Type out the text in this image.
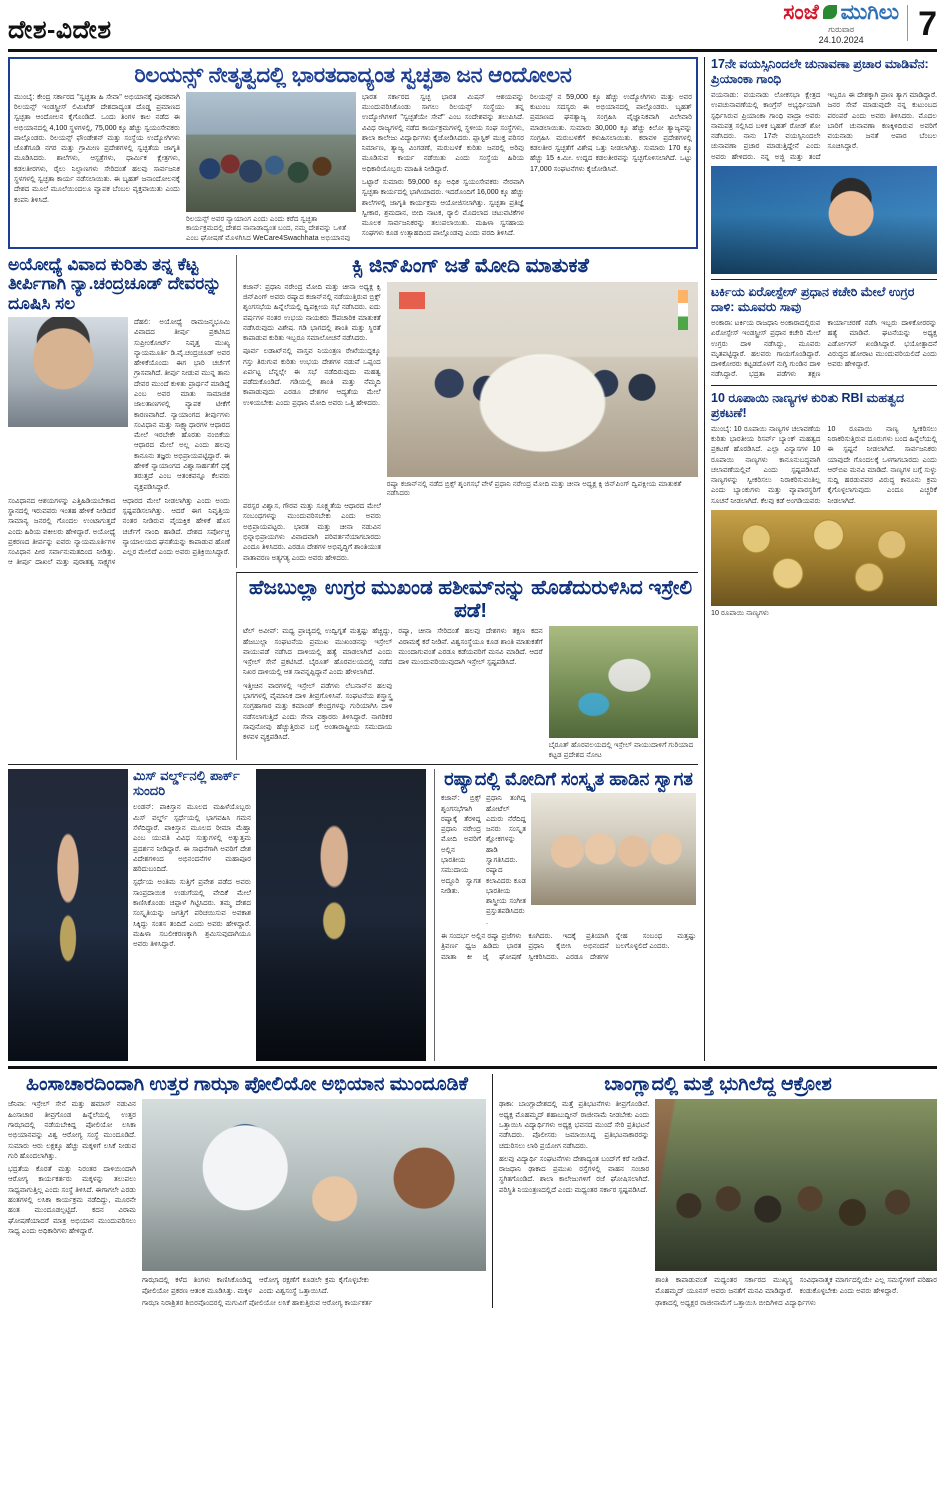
ದೇಶ-ವಿದೇಶ
ಸಂಜೆ ಮುಗಿಲು
ಗುರುವಾರ
24.10.2024	7
ರಿಲಯನ್ಸ್ ನೇತೃತ್ವದಲ್ಲಿ ಭಾರತದಾದ್ಯಂತ ಸ್ವಚ್ಛತಾ ಜನ ಆಂದೋಲನ
ಮುಂಬೈ: ಕೇಂದ್ರ ಸರ್ಕಾರದ "ಸ್ವಚ್ಛತಾ ಹಿ ಸೇವಾ" ಅಭಿಯಾನಕ್ಕೆ ಪೂರಕವಾಗಿ ರಿಲಯನ್ಸ್ ಇಂಡಸ್ಟ್ರೀಸ್ ಲಿಮಿಟೆಡ್ ದೇಶದಾದ್ಯಂತ ದೊಡ್ಡ ಪ್ರಮಾಣದ ಸ್ವಚ್ಛತಾ ಆಂದೋಲನ ಕೈಗೊಂಡಿದೆ. ಒಂದು ತಿಂಗಳ ಕಾಲ ನಡೆದ ಈ ಅಭಿಯಾನದಲ್ಲಿ 4,100 ಸ್ಥಳಗಳಲ್ಲಿ, 75,000 ಕ್ಕೂ ಹೆಚ್ಚು ಸ್ವಯಂಸೇವಕರು ಪಾಲ್ಗೊಂಡರು. ರಿಲಯನ್ಸ್ ಫೌಂಡೇಶನ್ ಮತ್ತು ಸಂಸ್ಥೆಯ ಉದ್ಯೋಗಿಗಳು ಜೊತೆಗೂಡಿ ನಗರ ಮತ್ತು ಗ್ರಾಮೀಣ ಪ್ರದೇಶಗಳಲ್ಲಿ ಸ್ವಚ್ಛತೆಯ ಜಾಗೃತಿ ಮೂಡಿಸಿದರು. ಶಾಲೆಗಳು, ಆಸ್ಪತ್ರೆಗಳು, ಧಾರ್ಮಿಕ ಕ್ಷೇತ್ರಗಳು, ಕಡಲತೀರಗಳು, ರೈಲು ನಿಲ್ದಾಣಗಳು ಸೇರಿದಂತೆ ಹಲವು ಸಾರ್ವಜನಿಕ ಸ್ಥಳಗಳಲ್ಲಿ ಸ್ವಚ್ಛತಾ ಕಾರ್ಯ ನಡೆಸಲಾಯಿತು. ಈ ಬೃಹತ್ ಜನಾಂದೋಲನಕ್ಕೆ ದೇಶದ ಮೂಲೆ ಮೂಲೆಯಿಂದಲೂ ವ್ಯಾಪಕ ಬೆಂಬಲ ವ್ಯಕ್ತವಾಯಿತು ಎಂದು ಕಂಪನಿ ತಿಳಿಸಿದೆ.
ರಿಲಯನ್ಸ್ ಅವರ ನ್ಯಾಯಾಂಗ ಎಂದು ಎಂದು ಕರೆದ ಸ್ವಚ್ಛತಾ ಕಾರ್ಯಕ್ರಮದಲ್ಲಿ ದೇಶದ ನಾನಾಡಾದ್ಯಂತ ಬಂದ, ನಮ್ಮ ದೇಶವನ್ನು ಒಳಿತೆ ಎಂಬ ಘೋಷಣೆ ಮೊಳಗಿಸಿದ WeCare4Swachhata ಅಭಿಯಾನವು
ಭಾರತ ಸರ್ಕಾರದ ಸ್ವಚ್ಛ ಭಾರತ ಮಿಷನ್ ಆಶಯವನ್ನು ಮುಂದುವರಿಸಿಕೊಂಡು ಸಾಗಲು ರಿಲಯನ್ಸ್ ಸಂಸ್ಥೆಯು ತನ್ನ ಉದ್ಯೋಗಿಗಳಿಗೆ "ಸ್ವಚ್ಛತೆಯೇ ಸೇವೆ" ಎಂಬ ಸಂದೇಶವನ್ನು ತಲುಪಿಸಿದೆ. ವಿವಿಧ ರಾಜ್ಯಗಳಲ್ಲಿ ನಡೆದ ಕಾರ್ಯಕ್ರಮಗಳಲ್ಲಿ ಸ್ಥಳೀಯ ಸಂಘ ಸಂಸ್ಥೆಗಳು, ಶಾಲಾ ಕಾಲೇಜು ವಿದ್ಯಾರ್ಥಿಗಳು ಕೈಜೋಡಿಸಿದರು. ಪ್ಲಾಸ್ಟಿಕ್ ಮುಕ್ತ ಪರಿಸರ ನಿರ್ಮಾಣ, ತ್ಯಾಜ್ಯ ವಿಂಗಡಣೆ, ಮರುಬಳಕೆ ಕುರಿತು ಜನರಲ್ಲಿ ಅರಿವು ಮೂಡಿಸುವ ಕಾರ್ಯ ನಡೆಯಿತು ಎಂದು ಸಂಸ್ಥೆಯ ಹಿರಿಯ ಅಧಿಕಾರಿಯೊಬ್ಬರು ಮಾಹಿತಿ ನೀಡಿದ್ದಾರೆ.
ಒಟ್ಟಾರೆ ಸುಮಾರು 59,000 ಕ್ಕೂ ಅಧಿಕ ಸ್ವಯಂಸೇವಕರು ನೇರವಾಗಿ ಸ್ವಚ್ಛತಾ ಕಾರ್ಯದಲ್ಲಿ ಭಾಗಿಯಾದರು. ಇದರೊಂದಿಗೆ 16,000 ಕ್ಕೂ ಹೆಚ್ಚು ಶಾಲೆಗಳಲ್ಲಿ ಜಾಗೃತಿ ಕಾರ್ಯಕ್ರಮ ಆಯೋಜಿಸಲಾಗಿತ್ತು. ಸ್ವಚ್ಛತಾ ಪ್ರತಿಜ್ಞೆ ಸ್ವೀಕಾರ, ಶ್ರಮದಾನ, ಬೀದಿ ನಾಟಕ, ರ‍್ಯಾಲಿ ಮೊದಲಾದ ಚಟುವಟಿಕೆಗಳ ಮೂಲಕ ಸಾರ್ವಜನಿಕರನ್ನು ತಲುಪಲಾಯಿತು. ಮಹಿಳಾ ಸ್ವಸಹಾಯ ಸಂಘಗಳು ಕೂಡ ಉತ್ಸಾಹದಿಂದ ಪಾಲ್ಗೊಂಡವು ಎಂದು ವರದಿ ತಿಳಿಸಿದೆ.
ರಿಲಯನ್ಸ್ ನ 59,000 ಕ್ಕೂ ಹೆಚ್ಚು ಉದ್ಯೋಗಿಗಳು ಮತ್ತು ಅವರ ಕುಟುಂಬ ಸದಸ್ಯರು ಈ ಅಭಿಯಾನದಲ್ಲಿ ಪಾಲ್ಗೊಂಡರು. ಬೃಹತ್ ಪ್ರಮಾಣದ ಘನತ್ಯಾಜ್ಯ ಸಂಗ್ರಹಿಸಿ ವೈಜ್ಞಾನಿಕವಾಗಿ ವಿಲೇವಾರಿ ಮಾಡಲಾಯಿತು. ಸುಮಾರು 30,000 ಕ್ಕೂ ಹೆಚ್ಚು ಕಿಲೋ ತ್ಯಾಜ್ಯವನ್ನು ಸಂಗ್ರಹಿಸಿ ಮರುಬಳಕೆಗೆ ಕಳುಹಿಸಲಾಯಿತು. ಕರಾವಳಿ ಪ್ರದೇಶಗಳಲ್ಲಿ ಕಡಲತೀರ ಸ್ವಚ್ಛತೆಗೆ ವಿಶೇಷ ಒತ್ತು ನೀಡಲಾಗಿತ್ತು. ಸುಮಾರು 170 ಕ್ಕೂ ಹೆಚ್ಚು 15 ಕಿ.ಮೀ. ಉದ್ದದ ಕಡಲತೀರವನ್ನು ಸ್ವಚ್ಛಗೊಳಿಸಲಾಗಿದೆ. ಒಟ್ಟು 17,000 ಸಂಘಟನೆಗಳು ಕೈಜೋಡಿಸಿವೆ.
ಅಯೋಧ್ಯೆ ವಿವಾದ ಕುರಿತು ತನ್ನ ಕೆಟ್ಟ ತೀರ್ಪಿಗಾಗಿ ನ್ಯಾ.ಚಂದ್ರಚೂಡ್ ದೇವರನ್ನು ದೂಷಿಸಿ ಸಲ
ದೆಹಲಿ: ಅಯೋಧ್ಯೆ ರಾಮಜನ್ಮಭೂಮಿ ವಿವಾದದ ತೀರ್ಪು ಪ್ರಕಟಿಸಿದ ಸುಪ್ರೀಂಕೋರ್ಟ್ ನಿವೃತ್ತ ಮುಖ್ಯ ನ್ಯಾಯಮೂರ್ತಿ ಡಿ.ವೈ.ಚಂದ್ರಚೂಡ್ ಅವರ ಹೇಳಿಕೆಯೊಂದು ಈಗ ಭಾರಿ ಚರ್ಚೆಗೆ ಗ್ರಾಸವಾಗಿದೆ. ತೀರ್ಪು ನೀಡುವ ಮುನ್ನ ತಾನು ದೇವರ ಮುಂದೆ ಕುಳಿತು ಪ್ರಾರ್ಥನೆ ಮಾಡಿದ್ದೆ ಎಂಬ ಅವರ ಮಾತು ಸಾಮಾಜಿಕ ಜಾಲತಾಣಗಳಲ್ಲಿ ವ್ಯಾಪಕ ಟೀಕೆಗೆ ಕಾರಣವಾಗಿದೆ. ನ್ಯಾಯಾಂಗದ ತೀರ್ಪುಗಳು ಸಂವಿಧಾನ ಮತ್ತು ಸಾಕ್ಷ್ಯಾಧಾರಗಳ ಆಧಾರದ ಮೇಲೆ ಇರಬೇಕೇ ಹೊರತು ನಂಬಿಕೆಯ ಆಧಾರದ ಮೇಲೆ ಅಲ್ಲ ಎಂದು ಹಲವು ಕಾನೂನು ತಜ್ಞರು ಅಭಿಪ್ರಾಯಪಟ್ಟಿದ್ದಾರೆ. ಈ ಹೇಳಿಕೆ ನ್ಯಾಯಾಂಗದ ವಿಶ್ವಾಸಾರ್ಹತೆಗೆ ಧಕ್ಕೆ ತರುತ್ತದೆ ಎಂಬ ಆತಂಕವನ್ನೂ ಕೆಲವರು ವ್ಯಕ್ತಪಡಿಸಿದ್ದಾರೆ.
ಸಂವಿಧಾನದ ಆಶಯಗಳನ್ನು ಎತ್ತಿಹಿಡಿಯಬೇಕಾದ ಸ್ಥಾನದಲ್ಲಿ ಇರುವವರು ಇಂತಹ ಹೇಳಿಕೆ ನೀಡಿದರೆ ಸಾಮಾನ್ಯ ಜನರಲ್ಲಿ ಗೊಂದಲ ಉಂಟಾಗುತ್ತದೆ ಎಂದು ಹಿರಿಯ ವಕೀಲರು ಹೇಳಿದ್ದಾರೆ. ಅಯೋಧ್ಯೆ ಪ್ರಕರಣದ ತೀರ್ಪನ್ನು ಐವರು ನ್ಯಾಯಮೂರ್ತಿಗಳ ಸಂವಿಧಾನ ಪೀಠ ಸರ್ವಾನುಮತದಿಂದ ನೀಡಿತ್ತು. ಆ ತೀರ್ಪು ದಾಖಲೆ ಮತ್ತು ಪುರಾತತ್ವ ಸಾಕ್ಷ್ಯಗಳ ಆಧಾರದ ಮೇಲೆ ನೀಡಲಾಗಿತ್ತು ಎಂದು ಅಂದು ಸ್ಪಷ್ಟಪಡಿಸಲಾಗಿತ್ತು. ಆದರೆ ಈಗ ನಿವೃತ್ತಿಯ ನಂತರ ನೀಡಿರುವ ವೈಯಕ್ತಿಕ ಹೇಳಿಕೆ ಹೊಸ ಚರ್ಚೆಗೆ ನಾಂದಿ ಹಾಡಿದೆ. ದೇಶದ ಸರ್ವೋಚ್ಚ ನ್ಯಾಯಾಲಯದ ಘನತೆಯನ್ನು ಕಾಪಾಡುವ ಹೊಣೆ ಎಲ್ಲರ ಮೇಲಿದೆ ಎಂದು ಅವರು ಪ್ರತಿಕ್ರಿಯಿಸಿದ್ದಾರೆ.
ಕ್ಸಿ ಜಿನ್‌ಪಿಂಗ್ ಜತೆ ಮೋದಿ ಮಾತುಕತೆ
ಕಜಾನ್: ಪ್ರಧಾನಿ ನರೇಂದ್ರ ಮೋದಿ ಮತ್ತು ಚೀನಾ ಅಧ್ಯಕ್ಷ ಕ್ಸಿ ಜಿನ್‌ಪಿಂಗ್ ಅವರು ರಷ್ಯಾದ ಕಜಾನ್‌ನಲ್ಲಿ ನಡೆಯುತ್ತಿರುವ ಬ್ರಿಕ್ಸ್ ಶೃಂಗಸಭೆಯ ಹಿನ್ನೆಲೆಯಲ್ಲಿ ದ್ವಿಪಕ್ಷೀಯ ಸಭೆ ನಡೆಸಿದರು. ಐದು ವರ್ಷಗಳ ನಂತರ ಉಭಯ ನಾಯಕರು ಔಪಚಾರಿಕ ಮಾತುಕತೆ ನಡೆಸಿರುವುದು ವಿಶೇಷ. ಗಡಿ ಭಾಗದಲ್ಲಿ ಶಾಂತಿ ಮತ್ತು ಸ್ಥಿರತೆ ಕಾಪಾಡುವ ಕುರಿತು ಇಬ್ಬರೂ ಸಮಾಲೋಚನೆ ನಡೆಸಿದರು.
ಪೂರ್ವ ಲಡಾಖ್‌ನಲ್ಲಿ ವಾಸ್ತವ ನಿಯಂತ್ರಣ ರೇಖೆಯುದ್ದಕ್ಕೂ ಗಸ್ತು ತಿರುಗುವ ಕುರಿತು ಉಭಯ ದೇಶಗಳ ನಡುವೆ ಒಪ್ಪಂದ ಏರ್ಪಟ್ಟ ಬೆನ್ನಲ್ಲೇ ಈ ಸಭೆ ನಡೆದಿರುವುದು ಮಹತ್ವ ಪಡೆದುಕೊಂಡಿದೆ. ಗಡಿಯಲ್ಲಿ ಶಾಂತಿ ಮತ್ತು ನೆಮ್ಮದಿ ಕಾಪಾಡುವುದು ಎರಡೂ ದೇಶಗಳ ಆದ್ಯತೆಯ ಮೇಲೆ ಉಳಿಯಬೇಕು ಎಂದು ಪ್ರಧಾನಿ ಮೋದಿ ಅವರು ಒತ್ತಿ ಹೇಳಿದರು.
ರಷ್ಯಾ ಕಜಾನ್‌ನಲ್ಲಿ ನಡೆದ ಬ್ರಿಕ್ಸ್ ಶೃಂಗಸಭೆ ವೇಳೆ ಪ್ರಧಾನಿ ನರೇಂದ್ರ ಮೋದಿ ಮತ್ತು ಚೀನಾ ಅಧ್ಯಕ್ಷ ಕ್ಸಿ ಜಿನ್‌ಪಿಂಗ್ ದ್ವಿಪಕ್ಷೀಯ ಮಾತುಕತೆ ನಡೆಸಿದರು
ಪರಸ್ಪರ ವಿಶ್ವಾಸ, ಗೌರವ ಮತ್ತು ಸೂಕ್ಷ್ಮತೆಯ ಆಧಾರದ ಮೇಲೆ ಸಂಬಂಧಗಳನ್ನು ಮುಂದುವರಿಸಬೇಕು ಎಂದು ಅವರು ಅಭಿಪ್ರಾಯಪಟ್ಟರು. ಭಾರತ ಮತ್ತು ಚೀನಾ ನಡುವಿನ ಭಿನ್ನಾಭಿಪ್ರಾಯಗಳು ವಿವಾದವಾಗಿ ಪರಿವರ್ತನೆಯಾಗಬಾರದು ಎಂದೂ ತಿಳಿಸಿದರು. ಎರಡೂ ದೇಶಗಳ ಅಭಿವೃದ್ಧಿಗೆ ಶಾಂತಿಯುತ ವಾತಾವರಣ ಅತ್ಯಗತ್ಯ ಎಂದು ಅವರು ಹೇಳಿದರು.
ಹೆಜಬುಲ್ಲಾ ಉಗ್ರರ ಮುಖಂಡ ಹಶೀಮ್‌ನನ್ನು ಹೊಡೆದುರುಳಿಸಿದ ಇಸ್ರೇಲಿ ಪಡೆ!
ಟೆಲ್ ಅವೀವ್: ಮಧ್ಯ ಪ್ರಾಚ್ಯದಲ್ಲಿ ಉದ್ವಿಗ್ನತೆ ಮತ್ತಷ್ಟು ಹೆಚ್ಚಿದ್ದು, ಹೆಜಬುಲ್ಲಾ ಸಂಘಟನೆಯ ಪ್ರಮುಖ ಮುಖಂಡನನ್ನು ಇಸ್ರೇಲ್ ವಾಯುಪಡೆ ನಡೆಸಿದ ದಾಳಿಯಲ್ಲಿ ಹತ್ಯೆ ಮಾಡಲಾಗಿದೆ ಎಂದು ಇಸ್ರೇಲ್ ಸೇನೆ ಪ್ರಕಟಿಸಿದೆ. ಬೈರೂತ್ ಹೊರವಲಯದಲ್ಲಿ ನಡೆದ ನಿಖರ ದಾಳಿಯಲ್ಲಿ ಆತ ಸಾವನ್ನಪ್ಪಿದ್ದಾನೆ ಎಂದು ಹೇಳಲಾಗಿದೆ.
ಇತ್ತೀಚಿನ ವಾರಗಳಲ್ಲಿ ಇಸ್ರೇಲ್ ಪಡೆಗಳು ಲೆಬನಾನ್‌ನ ಹಲವು ಭಾಗಗಳಲ್ಲಿ ವೈಮಾನಿಕ ದಾಳಿ ತೀವ್ರಗೊಳಿಸಿವೆ. ಸಂಘಟನೆಯ ಶಸ್ತ್ರಾಸ್ತ್ರ ಸಂಗ್ರಹಾಗಾರ ಮತ್ತು ಕಮಾಂಡ್ ಕೇಂದ್ರಗಳನ್ನು ಗುರಿಯಾಗಿಸಿ ದಾಳಿ ನಡೆಸಲಾಗುತ್ತಿದೆ ಎಂದು ಸೇನಾ ವಕ್ತಾರರು ತಿಳಿಸಿದ್ದಾರೆ. ನಾಗರಿಕರ ಸಾವುನೋವು ಹೆಚ್ಚುತ್ತಿರುವ ಬಗ್ಗೆ ಅಂತಾರಾಷ್ಟ್ರೀಯ ಸಮುದಾಯ ಕಳವಳ ವ್ಯಕ್ತಪಡಿಸಿದೆ.
ರಷ್ಯಾ, ಚೀನಾ ಸೇರಿದಂತೆ ಹಲವು ದೇಶಗಳು ತಕ್ಷಣ ಕದನ ವಿರಾಮಕ್ಕೆ ಕರೆ ನೀಡಿವೆ. ವಿಶ್ವಸಂಸ್ಥೆಯೂ ಕೂಡ ಶಾಂತಿ ಮಾತುಕತೆಗೆ ಮುಂದಾಗುವಂತೆ ಎರಡೂ ಕಡೆಯವರಿಗೆ ಮನವಿ ಮಾಡಿದೆ. ಆದರೆ ದಾಳಿ ಮುಂದುವರಿಯುವುದಾಗಿ ಇಸ್ರೇಲ್ ಸ್ಪಷ್ಟಪಡಿಸಿದೆ.
ಬೈರೂತ್ ಹೊರವಲಯದಲ್ಲಿ ಇಸ್ರೇಲ್ ವಾಯುದಾಳಿಗೆ ಗುರಿಯಾದ ಕಟ್ಟಡ ಪ್ರದೇಶದ ನೋಟ
ಮಿಸ್ ವರ್ಲ್ಡ್‌ನಲ್ಲಿ ಪಾರ್ಕ್ ಸುಂದರಿ
ಲಂಡನ್: ಪಾಕಿಸ್ತಾನ ಮೂಲದ ಮಹಿಳೆಯೊಬ್ಬರು ಮಿಸ್ ವರ್ಲ್ಡ್ ಸ್ಪರ್ಧೆಯಲ್ಲಿ ಭಾಗವಹಿಸಿ ಗಮನ ಸೆಳೆದಿದ್ದಾರೆ. ಪಾಕಿಸ್ತಾನ ಮೂಲದ ರೀಮಾ ಮೆಹ್ತಾ ಎಂಬ ಯುವತಿ ವಿವಿಧ ಸುತ್ತುಗಳಲ್ಲಿ ಅತ್ಯುತ್ತಮ ಪ್ರದರ್ಶನ ನೀಡಿದ್ದಾರೆ. ಈ ಸಾಧನೆಗಾಗಿ ಅವರಿಗೆ ದೇಶ ವಿದೇಶಗಳಿಂದ ಅಭಿನಂದನೆಗಳ ಮಹಾಪೂರ ಹರಿದುಬಂದಿದೆ.
ಸ್ಪರ್ಧೆಯ ಅಂತಿಮ ಸುತ್ತಿಗೆ ಪ್ರವೇಶ ಪಡೆದ ಅವರು ಸಾಂಪ್ರದಾಯಿಕ ಉಡುಗೆಯಲ್ಲಿ ವೇದಿಕೆ ಮೇಲೆ ಕಾಣಿಸಿಕೊಂಡು ಚಪ್ಪಾಳೆ ಗಿಟ್ಟಿಸಿದರು. ತಮ್ಮ ದೇಶದ ಸಂಸ್ಕೃತಿಯನ್ನು ಜಗತ್ತಿಗೆ ಪರಿಚಯಿಸುವ ಅವಕಾಶ ಸಿಕ್ಕಿದ್ದು ಸಂತಸ ತಂದಿದೆ ಎಂದು ಅವರು ಹೇಳಿದ್ದಾರೆ. ಮಹಿಳಾ ಸಬಲೀಕರಣಕ್ಕಾಗಿ ಶ್ರಮಿಸುವುದಾಗಿಯೂ ಅವರು ತಿಳಿಸಿದ್ದಾರೆ.
ರಷ್ಯಾದಲ್ಲಿ ಮೋದಿಗೆ ಸಂಸ್ಕೃತ ಹಾಡಿನ ಸ್ವಾಗತ
ಕಜಾನ್: ಬ್ರಿಕ್ಸ್ ಶೃಂಗಸಭೆಗಾಗಿ ರಷ್ಯಾಕ್ಕೆ ತೆರಳಿದ್ದ ಪ್ರಧಾನಿ ನರೇಂದ್ರ ಮೋದಿ ಅವರಿಗೆ ಅಲ್ಲಿನ ಭಾರತೀಯ ಸಮುದಾಯ ಅದ್ದೂರಿ ಸ್ವಾಗತ ನೀಡಿತು.
ಪ್ರಧಾನಿ ತಂಗಿದ್ದ ಹೋಟೆಲ್ ಎದುರು ನೆರೆದಿದ್ದ ಜನರು ಸಂಸ್ಕೃತ ಶ್ಲೋಕಗಳನ್ನು ಹಾಡಿ ಸ್ವಾಗತಿಸಿದರು. ರಷ್ಯಾದ ಕಲಾವಿದರು ಕೂಡ ಭಾರತೀಯ ಶಾಸ್ತ್ರೀಯ ಸಂಗೀತ ಪ್ರಸ್ತುತಪಡಿಸಿದರು.
ಈ ಸಂದರ್ಭ ಅಲ್ಲಿನ ರಷ್ಯಾ ಪ್ರಜೆಗಳು ತ್ರಿವರ್ಣ ಧ್ವಜ ಹಿಡಿದು ಭಾರತ ಮಾತಾ ಕೀ ಜೈ ಘೋಷಣೆ ಕೂಗಿದರು. ಇದಕ್ಕೆ ಪ್ರತಿಯಾಗಿ ಪ್ರಧಾನಿ ಕೈಬೀಸಿ ಅಭಿನಂದನೆ ಸ್ವೀಕರಿಸಿದರು. ಎರಡೂ ದೇಶಗಳ ಸ್ನೇಹ ಸಂಬಂಧ ಮತ್ತಷ್ಟು ಬಲಗೊಳ್ಳಲಿದೆ ಎಂದರು.
17ನೇ ವಯಸ್ಸಿನಿಂದಲೇ ಚುನಾವಣಾ ಪ್ರಚಾರ ಮಾಡಿವೆನ: ಪ್ರಿಯಾಂಕಾ ಗಾಂಧಿ
ವಯನಾಡು: ವಯನಾಡು ಲೋಕಸಭಾ ಕ್ಷೇತ್ರದ ಉಪಚುನಾವಣೆಯಲ್ಲಿ ಕಾಂಗ್ರೆಸ್ ಅಭ್ಯರ್ಥಿಯಾಗಿ ಸ್ಪರ್ಧಿಸಿರುವ ಪ್ರಿಯಾಂಕಾ ಗಾಂಧಿ ವಾದ್ರಾ ಅವರು ನಾಮಪತ್ರ ಸಲ್ಲಿಸಿದ ಬಳಿಕ ಬೃಹತ್ ರೋಡ್ ಶೋ ನಡೆಸಿದರು. ನಾನು 17ನೇ ವಯಸ್ಸಿನಿಂದಲೇ ಚುನಾವಣಾ ಪ್ರಚಾರ ಮಾಡುತ್ತಿದ್ದೇನೆ ಎಂದು ಅವರು ಹೇಳಿದರು. ನನ್ನ ಅಜ್ಜಿ ಮತ್ತು ತಂದೆ ಇಬ್ಬರೂ ಈ ದೇಶಕ್ಕಾಗಿ ಪ್ರಾಣ ತ್ಯಾಗ ಮಾಡಿದ್ದಾರೆ. ಜನರ ಸೇವೆ ಮಾಡುವುದೇ ನನ್ನ ಕುಟುಂಬದ ಪರಂಪರೆ ಎಂದು ಅವರು ತಿಳಿಸಿದರು. ಮೊದಲ ಬಾರಿಗೆ ಚುನಾವಣಾ ಕಣಕ್ಕಿಳಿದಿರುವ ಅವರಿಗೆ ವಯನಾಡು ಜನತೆ ಅಪಾರ ಬೆಂಬಲ ಸೂಚಿಸಿದ್ದಾರೆ.
ಟರ್ಕಿಯ ಏರೋಸ್ಪೇಸ್ ಪ್ರಧಾನ ಕಚೇರಿ ಮೇಲೆ ಉಗ್ರರ ದಾಳಿ: ಮೂವರು ಸಾವು
ಅಂಕಾರಾ: ಟರ್ಕಿಯ ರಾಜಧಾನಿ ಅಂಕಾರಾದಲ್ಲಿರುವ ಏರೋಸ್ಪೇಸ್ ಇಂಡಸ್ಟ್ರೀಸ್ ಪ್ರಧಾನ ಕಚೇರಿ ಮೇಲೆ ಉಗ್ರರು ದಾಳಿ ನಡೆಸಿದ್ದು, ಮೂವರು ಮೃತಪಟ್ಟಿದ್ದಾರೆ. ಹಲವರು ಗಾಯಗೊಂಡಿದ್ದಾರೆ. ದಾಳಿಕೋರರು ಕಟ್ಟಡದೊಳಗೆ ನುಗ್ಗಿ ಗುಂಡಿನ ದಾಳಿ ನಡೆಸಿದ್ದಾರೆ. ಭದ್ರತಾ ಪಡೆಗಳು ತಕ್ಷಣ ಕಾರ್ಯಾಚರಣೆ ನಡೆಸಿ ಇಬ್ಬರು ದಾಳಿಕೋರರನ್ನು ಹತ್ಯೆ ಮಾಡಿವೆ. ಘಟನೆಯನ್ನು ಅಧ್ಯಕ್ಷ ಎರ್ಡೋಗನ್ ಖಂಡಿಸಿದ್ದಾರೆ. ಭಯೋತ್ಪಾದನೆ ವಿರುದ್ಧದ ಹೋರಾಟ ಮುಂದುವರಿಯಲಿದೆ ಎಂದು ಅವರು ಹೇಳಿದ್ದಾರೆ.
10 ರೂಪಾಯಿ ನಾಣ್ಯಗಳ ಕುರಿತು RBI ಮಹತ್ವದ ಪ್ರಕಟಣೆ!
ಮುಂಬೈ: 10 ರೂಪಾಯಿ ನಾಣ್ಯಗಳ ಚಲಾವಣೆಯ ಕುರಿತು ಭಾರತೀಯ ರಿಸರ್ವ್ ಬ್ಯಾಂಕ್ ಮಹತ್ವದ ಪ್ರಕಟಣೆ ಹೊರಡಿಸಿದೆ. ಎಲ್ಲಾ ವಿನ್ಯಾಸಗಳ 10 ರೂಪಾಯಿ ನಾಣ್ಯಗಳು ಕಾನೂನುಬದ್ಧವಾಗಿ ಚಲಾವಣೆಯಲ್ಲಿವೆ ಎಂದು ಸ್ಪಷ್ಟಪಡಿಸಿದೆ. ನಾಣ್ಯಗಳನ್ನು ಸ್ವೀಕರಿಸಲು ನಿರಾಕರಿಸುವಂತಿಲ್ಲ ಎಂದು ಬ್ಯಾಂಕುಗಳು ಮತ್ತು ವ್ಯಾಪಾರಸ್ಥರಿಗೆ ಸೂಚನೆ ನೀಡಲಾಗಿದೆ. ಕೆಲವು ಕಡೆ ಅಂಗಡಿಯವರು 10 ರೂಪಾಯಿ ನಾಣ್ಯ ಸ್ವೀಕರಿಸಲು ನಿರಾಕರಿಸುತ್ತಿರುವ ದೂರುಗಳು ಬಂದ ಹಿನ್ನೆಲೆಯಲ್ಲಿ ಈ ಸ್ಪಷ್ಟನೆ ನೀಡಲಾಗಿದೆ. ಸಾರ್ವಜನಿಕರು ಯಾವುದೇ ಗೊಂದಲಕ್ಕೆ ಒಳಗಾಗಬಾರದು ಎಂದು ಆರ್‌ಬಿಐ ಮನವಿ ಮಾಡಿದೆ. ನಾಣ್ಯಗಳ ಬಗ್ಗೆ ಸುಳ್ಳು ಸುದ್ದಿ ಹರಡುವವರ ವಿರುದ್ಧ ಕಾನೂನು ಕ್ರಮ ಕೈಗೊಳ್ಳಲಾಗುವುದು ಎಂದೂ ಎಚ್ಚರಿಕೆ ನೀಡಲಾಗಿದೆ.
10 ರೂಪಾಯಿ ನಾಣ್ಯಗಳು
ಹಿಂಸಾಚಾರದಿಂದಾಗಿ ಉತ್ತರ ಗಾಝಾ ಪೋಲಿಯೋ ಅಭಿಯಾನ ಮುಂದೂಡಿಕೆ
ಜೆನಿವಾ: ಇಸ್ರೇಲ್ ಸೇನೆ ಮತ್ತು ಹಮಾಸ್ ನಡುವಿನ ಹಿಂಸಾಚಾರ ತೀವ್ರಗೊಂಡ ಹಿನ್ನೆಲೆಯಲ್ಲಿ ಉತ್ತರ ಗಾಝಾದಲ್ಲಿ ನಡೆಯಬೇಕಿದ್ದ ಪೋಲಿಯೋ ಲಸಿಕಾ ಅಭಿಯಾನವನ್ನು ವಿಶ್ವ ಆರೋಗ್ಯ ಸಂಸ್ಥೆ ಮುಂದೂಡಿದೆ. ಸುಮಾರು ಆರು ಲಕ್ಷಕ್ಕೂ ಹೆಚ್ಚು ಮಕ್ಕಳಿಗೆ ಲಸಿಕೆ ನೀಡುವ ಗುರಿ ಹೊಂದಲಾಗಿತ್ತು.
ಭದ್ರತೆಯ ಕೊರತೆ ಮತ್ತು ನಿರಂತರ ದಾಳಿಯಿಂದಾಗಿ ಆರೋಗ್ಯ ಕಾರ್ಯಕರ್ತರು ಮಕ್ಕಳನ್ನು ತಲುಪಲು ಸಾಧ್ಯವಾಗುತ್ತಿಲ್ಲ ಎಂದು ಸಂಸ್ಥೆ ತಿಳಿಸಿದೆ. ಈಗಾಗಲೇ ಎರಡು ಹಂತಗಳಲ್ಲಿ ಲಸಿಕಾ ಕಾರ್ಯಕ್ರಮ ನಡೆದಿದ್ದು, ಮೂರನೇ ಹಂತ ಮುಂದೂಡಲ್ಪಟ್ಟಿದೆ. ಕದನ ವಿರಾಮ ಘೋಷಣೆಯಾದರೆ ಮಾತ್ರ ಅಭಿಯಾನ ಮುಂದುವರಿಸಲು ಸಾಧ್ಯ ಎಂದು ಅಧಿಕಾರಿಗಳು ಹೇಳಿದ್ದಾರೆ.
ಗಾಝಾದಲ್ಲಿ ಕಳೆದ ತಿಂಗಳು ಕಾಣಿಸಿಕೊಂಡಿದ್ದ ಪೋಲಿಯೋ ಪ್ರಕರಣ ಆತಂಕ ಮೂಡಿಸಿತ್ತು. ಮಕ್ಕಳ ಆರೋಗ್ಯ ರಕ್ಷಣೆಗೆ ಕೂಡಲೇ ಕ್ರಮ ಕೈಗೊಳ್ಳಬೇಕು ಎಂದು ವಿಶ್ವಸಂಸ್ಥೆ ಒತ್ತಾಯಿಸಿದೆ.
ಗಾಝಾ ನಿರಾಶ್ರಿತರ ಶಿಬಿರವೊಂದರಲ್ಲಿ ಮಗುವಿಗೆ ಪೋಲಿಯೋ ಲಸಿಕೆ ಹಾಕುತ್ತಿರುವ ಆರೋಗ್ಯ ಕಾರ್ಯಕರ್ತ
ಬಾಂಗ್ಲಾದಲ್ಲಿ ಮತ್ತೆ ಭುಗಿಲೆದ್ದ ಆಕ್ರೋಶ
ಢಾಕಾ: ಬಾಂಗ್ಲಾದೇಶದಲ್ಲಿ ಮತ್ತೆ ಪ್ರತಿಭಟನೆಗಳು ತೀವ್ರಗೊಂಡಿವೆ. ಅಧ್ಯಕ್ಷ ಮೊಹಮ್ಮದ್ ಶಹಾಬುದ್ದೀನ್ ರಾಜೀನಾಮೆ ನೀಡಬೇಕು ಎಂದು ಒತ್ತಾಯಿಸಿ ವಿದ್ಯಾರ್ಥಿಗಳು ಅಧ್ಯಕ್ಷ ಭವನದ ಮುಂದೆ ಸೇರಿ ಪ್ರತಿಭಟನೆ ನಡೆಸಿದರು. ಪೊಲೀಸರು ಜಮಾಯಿಸಿದ್ದ ಪ್ರತಿಭಟನಾಕಾರರನ್ನು ಚದುರಿಸಲು ಲಾಠಿ ಪ್ರಯೋಗ ನಡೆಸಿದರು.
ಹಲವು ವಿದ್ಯಾರ್ಥಿ ಸಂಘಟನೆಗಳು ದೇಶಾದ್ಯಂತ ಬಂದ್‌ಗೆ ಕರೆ ನೀಡಿವೆ. ರಾಜಧಾನಿ ಢಾಕಾದ ಪ್ರಮುಖ ರಸ್ತೆಗಳಲ್ಲಿ ವಾಹನ ಸಂಚಾರ ಸ್ಥಗಿತಗೊಂಡಿದೆ. ಶಾಲಾ ಕಾಲೇಜುಗಳಿಗೆ ರಜೆ ಘೋಷಿಸಲಾಗಿದೆ. ಪರಿಸ್ಥಿತಿ ನಿಯಂತ್ರಣದಲ್ಲಿದೆ ಎಂದು ಮಧ್ಯಂತರ ಸರ್ಕಾರ ಸ್ಪಷ್ಟಪಡಿಸಿದೆ.
ಶಾಂತಿ ಕಾಪಾಡುವಂತೆ ಮಧ್ಯಂತರ ಸರ್ಕಾರದ ಮುಖ್ಯಸ್ಥ ಮೊಹಮ್ಮದ್ ಯೂನಸ್ ಅವರು ಜನತೆಗೆ ಮನವಿ ಮಾಡಿದ್ದಾರೆ. ಸಂವಿಧಾನಾತ್ಮಕ ಮಾರ್ಗದಲ್ಲಿಯೇ ಎಲ್ಲ ಸಮಸ್ಯೆಗಳಿಗೆ ಪರಿಹಾರ ಕಂಡುಕೊಳ್ಳಬೇಕು ಎಂದು ಅವರು ಹೇಳಿದ್ದಾರೆ.
ಢಾಕಾದಲ್ಲಿ ಅಧ್ಯಕ್ಷರ ರಾಜೀನಾಮೆಗೆ ಒತ್ತಾಯಿಸಿ ಬೀದಿಗಿಳಿದ ವಿದ್ಯಾರ್ಥಿಗಳು
